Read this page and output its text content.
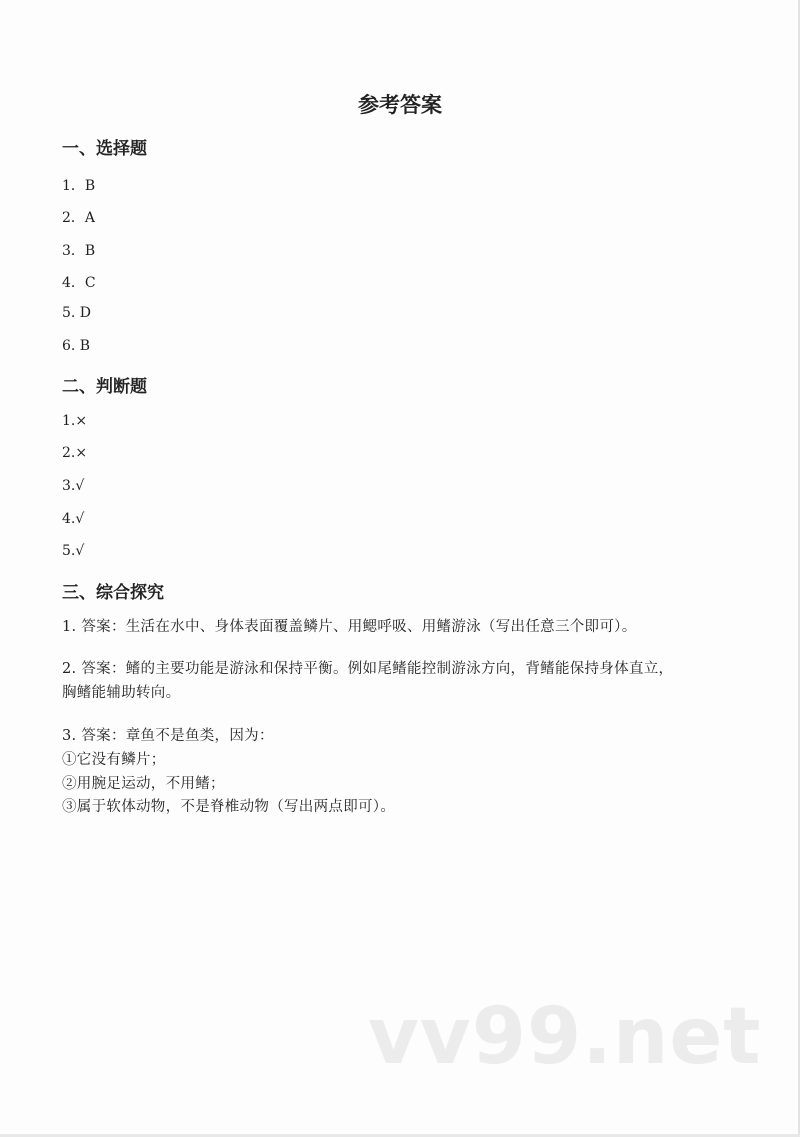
参考答案
一、选择题
1．B
2．A
3．B
4．C
5. D
6. B
二、判断题
1.×
2.×
3.√
4.√
5.√
三、综合探究
1. 答案：生活在水中、身体表面覆盖鳞片、用鳃呼吸、用鳍游泳（写出任意三个即可）。
2. 答案：鳍的主要功能是游泳和保持平衡。例如尾鳍能控制游泳方向，背鳍能保持身体直立，
胸鳍能辅助转向。
3. 答案：章鱼不是鱼类，因为：
①它没有鳞片；
②用腕足运动，不用鳍；
③属于软体动物，不是脊椎动物（写出两点即可）。
vv99.net
